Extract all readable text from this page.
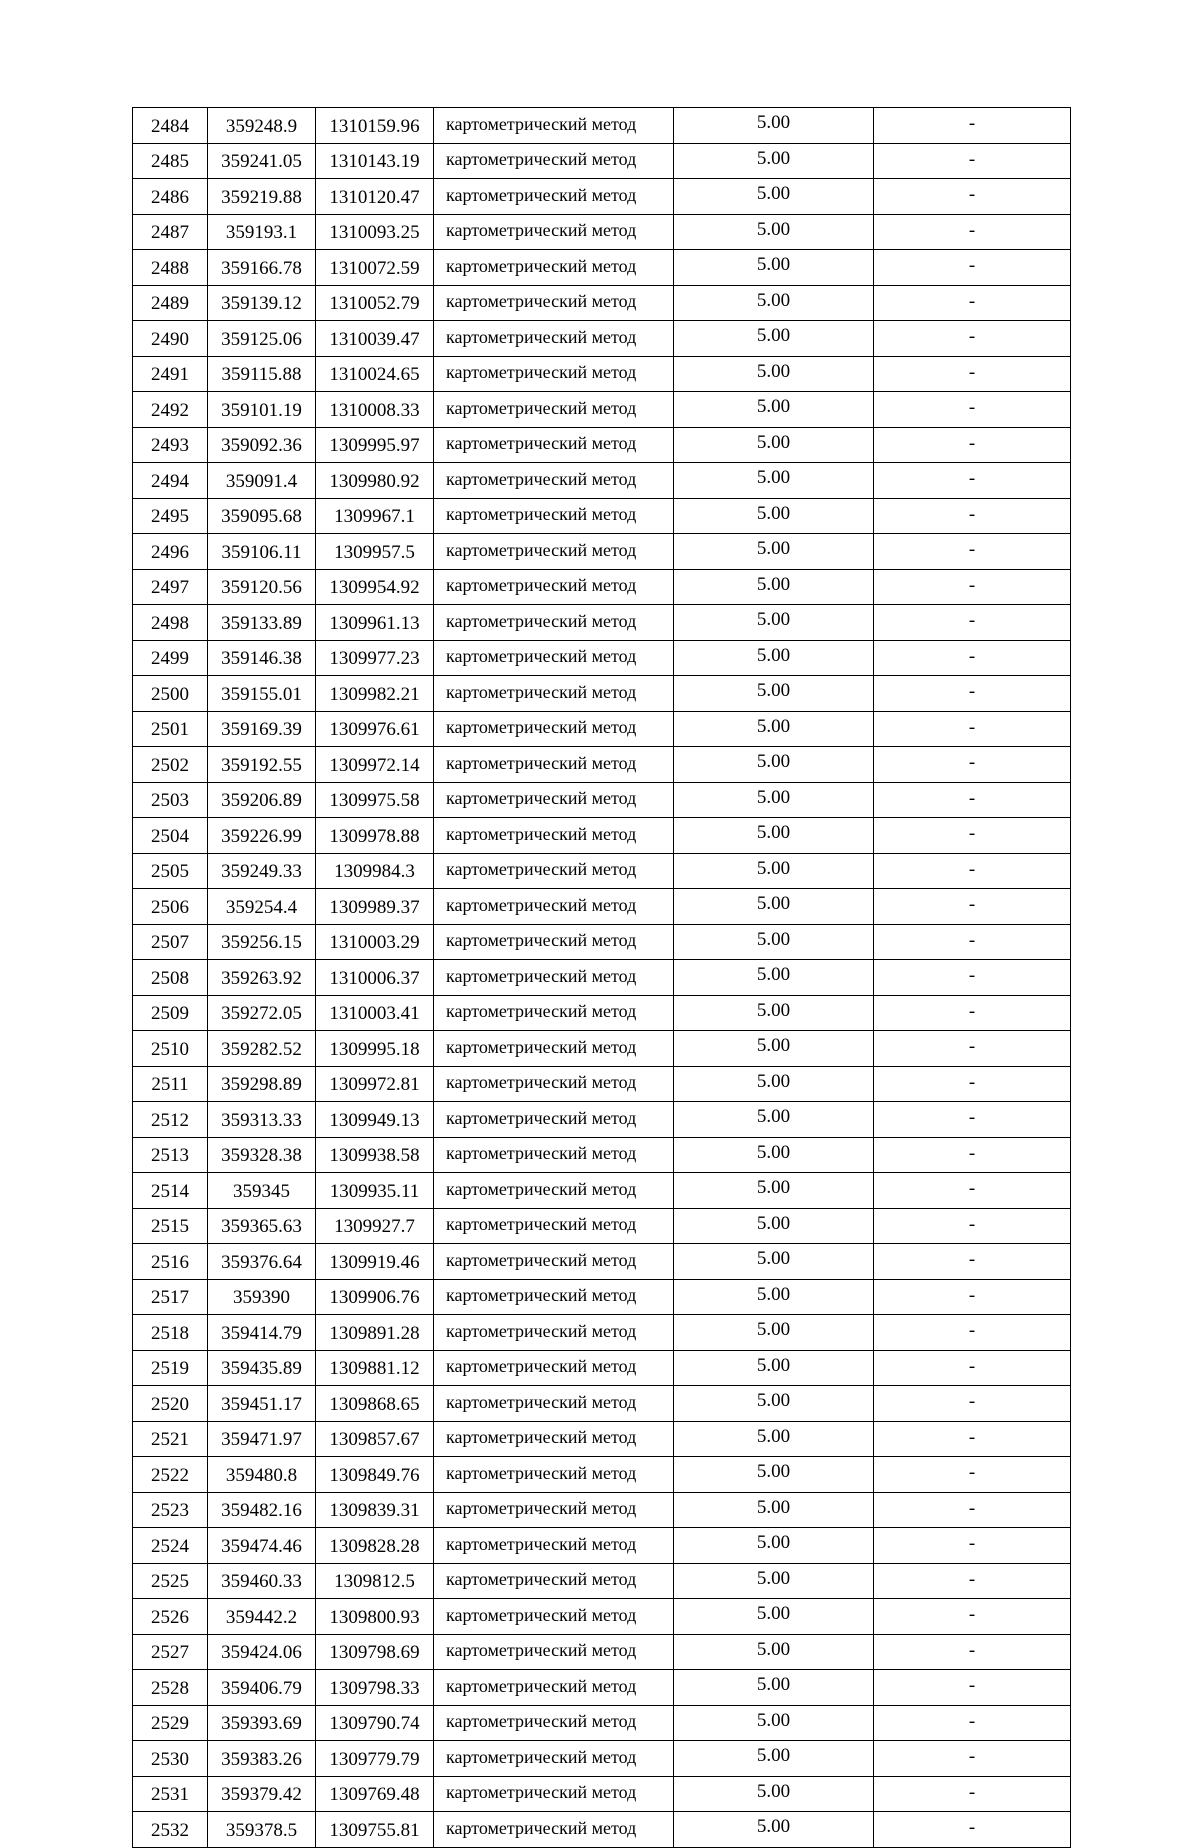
2484	359248.9	1310159.96	картометрический метод	5.00	-
2485	359241.05	1310143.19	картометрический метод	5.00	-
2486	359219.88	1310120.47	картометрический метод	5.00	-
2487	359193.1	1310093.25	картометрический метод	5.00	-
2488	359166.78	1310072.59	картометрический метод	5.00	-
2489	359139.12	1310052.79	картометрический метод	5.00	-
2490	359125.06	1310039.47	картометрический метод	5.00	-
2491	359115.88	1310024.65	картометрический метод	5.00	-
2492	359101.19	1310008.33	картометрический метод	5.00	-
2493	359092.36	1309995.97	картометрический метод	5.00	-
2494	359091.4	1309980.92	картометрический метод	5.00	-
2495	359095.68	1309967.1	картометрический метод	5.00	-
2496	359106.11	1309957.5	картометрический метод	5.00	-
2497	359120.56	1309954.92	картометрический метод	5.00	-
2498	359133.89	1309961.13	картометрический метод	5.00	-
2499	359146.38	1309977.23	картометрический метод	5.00	-
2500	359155.01	1309982.21	картометрический метод	5.00	-
2501	359169.39	1309976.61	картометрический метод	5.00	-
2502	359192.55	1309972.14	картометрический метод	5.00	-
2503	359206.89	1309975.58	картометрический метод	5.00	-
2504	359226.99	1309978.88	картометрический метод	5.00	-
2505	359249.33	1309984.3	картометрический метод	5.00	-
2506	359254.4	1309989.37	картометрический метод	5.00	-
2507	359256.15	1310003.29	картометрический метод	5.00	-
2508	359263.92	1310006.37	картометрический метод	5.00	-
2509	359272.05	1310003.41	картометрический метод	5.00	-
2510	359282.52	1309995.18	картометрический метод	5.00	-
2511	359298.89	1309972.81	картометрический метод	5.00	-
2512	359313.33	1309949.13	картометрический метод	5.00	-
2513	359328.38	1309938.58	картометрический метод	5.00	-
2514	359345	1309935.11	картометрический метод	5.00	-
2515	359365.63	1309927.7	картометрический метод	5.00	-
2516	359376.64	1309919.46	картометрический метод	5.00	-
2517	359390	1309906.76	картометрический метод	5.00	-
2518	359414.79	1309891.28	картометрический метод	5.00	-
2519	359435.89	1309881.12	картометрический метод	5.00	-
2520	359451.17	1309868.65	картометрический метод	5.00	-
2521	359471.97	1309857.67	картометрический метод	5.00	-
2522	359480.8	1309849.76	картометрический метод	5.00	-
2523	359482.16	1309839.31	картометрический метод	5.00	-
2524	359474.46	1309828.28	картометрический метод	5.00	-
2525	359460.33	1309812.5	картометрический метод	5.00	-
2526	359442.2	1309800.93	картометрический метод	5.00	-
2527	359424.06	1309798.69	картометрический метод	5.00	-
2528	359406.79	1309798.33	картометрический метод	5.00	-
2529	359393.69	1309790.74	картометрический метод	5.00	-
2530	359383.26	1309779.79	картометрический метод	5.00	-
2531	359379.42	1309769.48	картометрический метод	5.00	-
2532	359378.5	1309755.81	картометрический метод	5.00	-
